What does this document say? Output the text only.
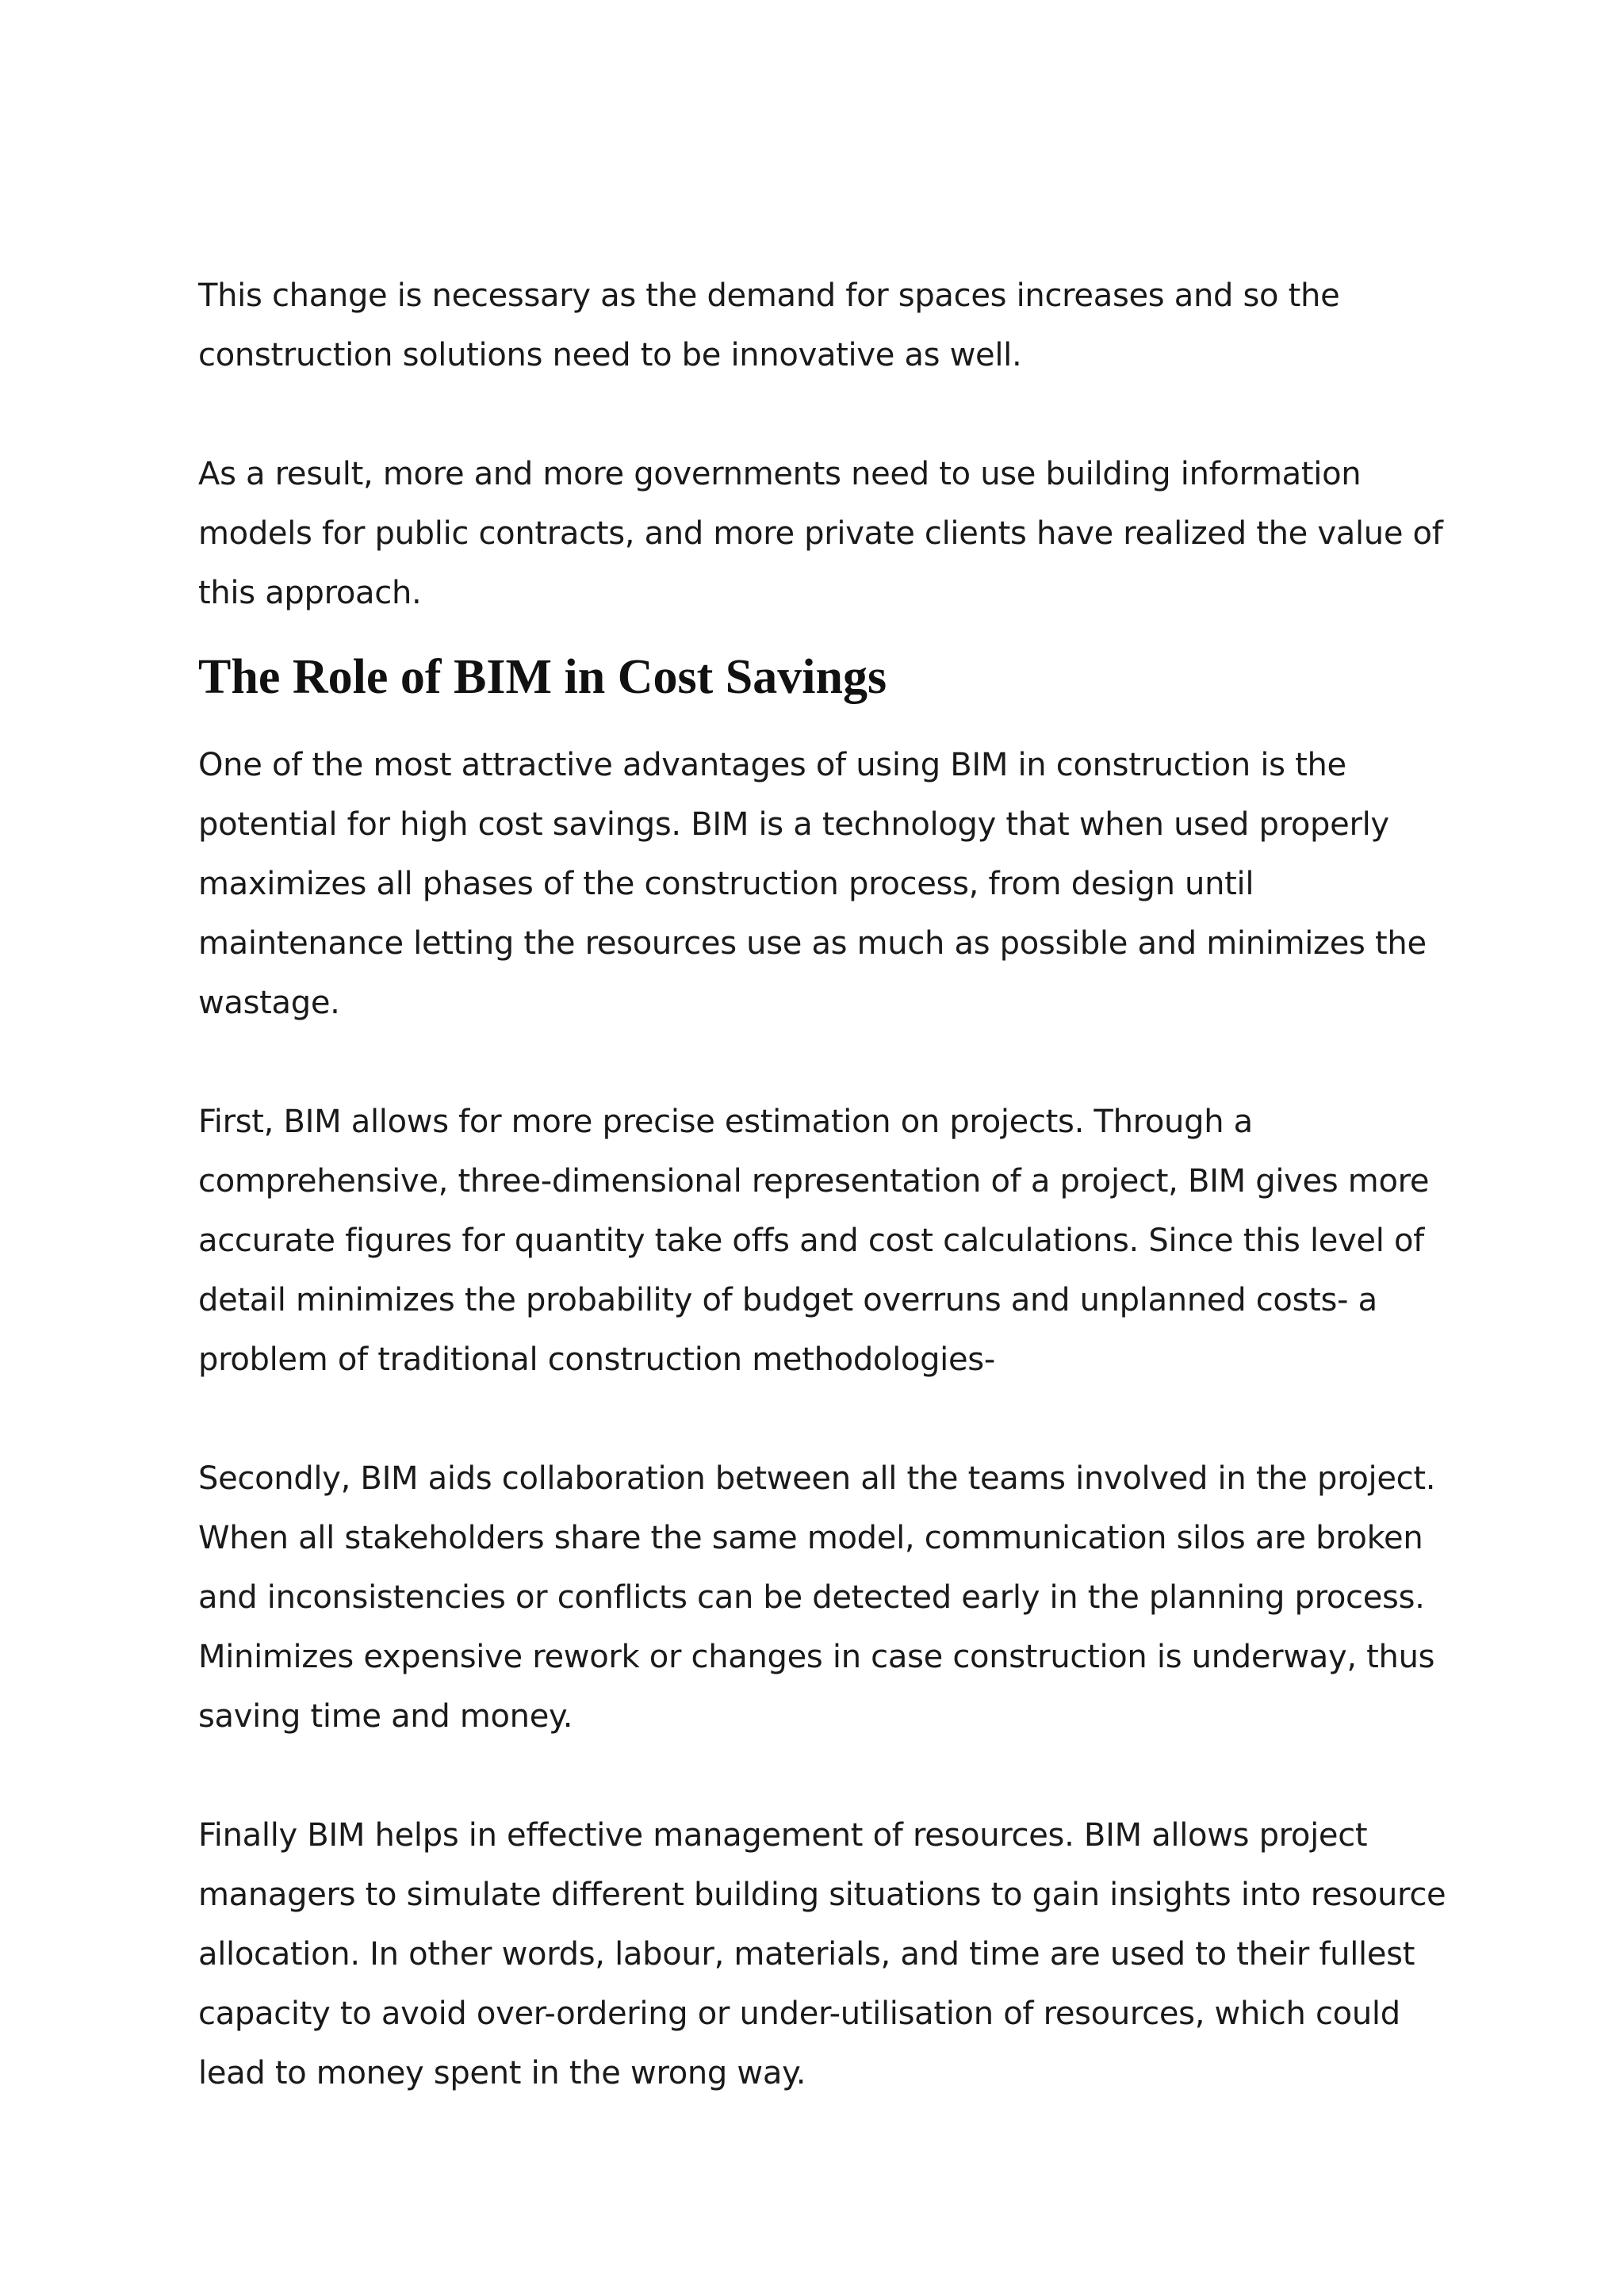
This change is necessary as the demand for spaces increases and so the construction solutions need to be innovative as well.

As a result, more and more governments need to use building information models for public contracts, and more private clients have realized the value of this approach.

The Role of BIM in Cost Savings

One of the most attractive advantages of using BIM in construction is the potential for high cost savings. BIM is a technology that when used properly maximizes all phases of the construction process, from design until maintenance letting the resources use as much as possible and minimizes the wastage.

First, BIM allows for more precise estimation on projects. Through a comprehensive, three-dimensional representation of a project, BIM gives more accurate figures for quantity take offs and cost calculations. Since this level of detail minimizes the probability of budget overruns and unplanned costs- a problem of traditional construction methodologies-

Secondly, BIM aids collaboration between all the teams involved in the project. When all stakeholders share the same model, communication silos are broken and inconsistencies or conflicts can be detected early in the planning process. Minimizes expensive rework or changes in case construction is underway, thus saving time and money.

Finally BIM helps in effective management of resources. BIM allows project managers to simulate different building situations to gain insights into resource allocation. In other words, labour, materials, and time are used to their fullest capacity to avoid over-ordering or under-utilisation of resources, which could lead to money spent in the wrong way.
